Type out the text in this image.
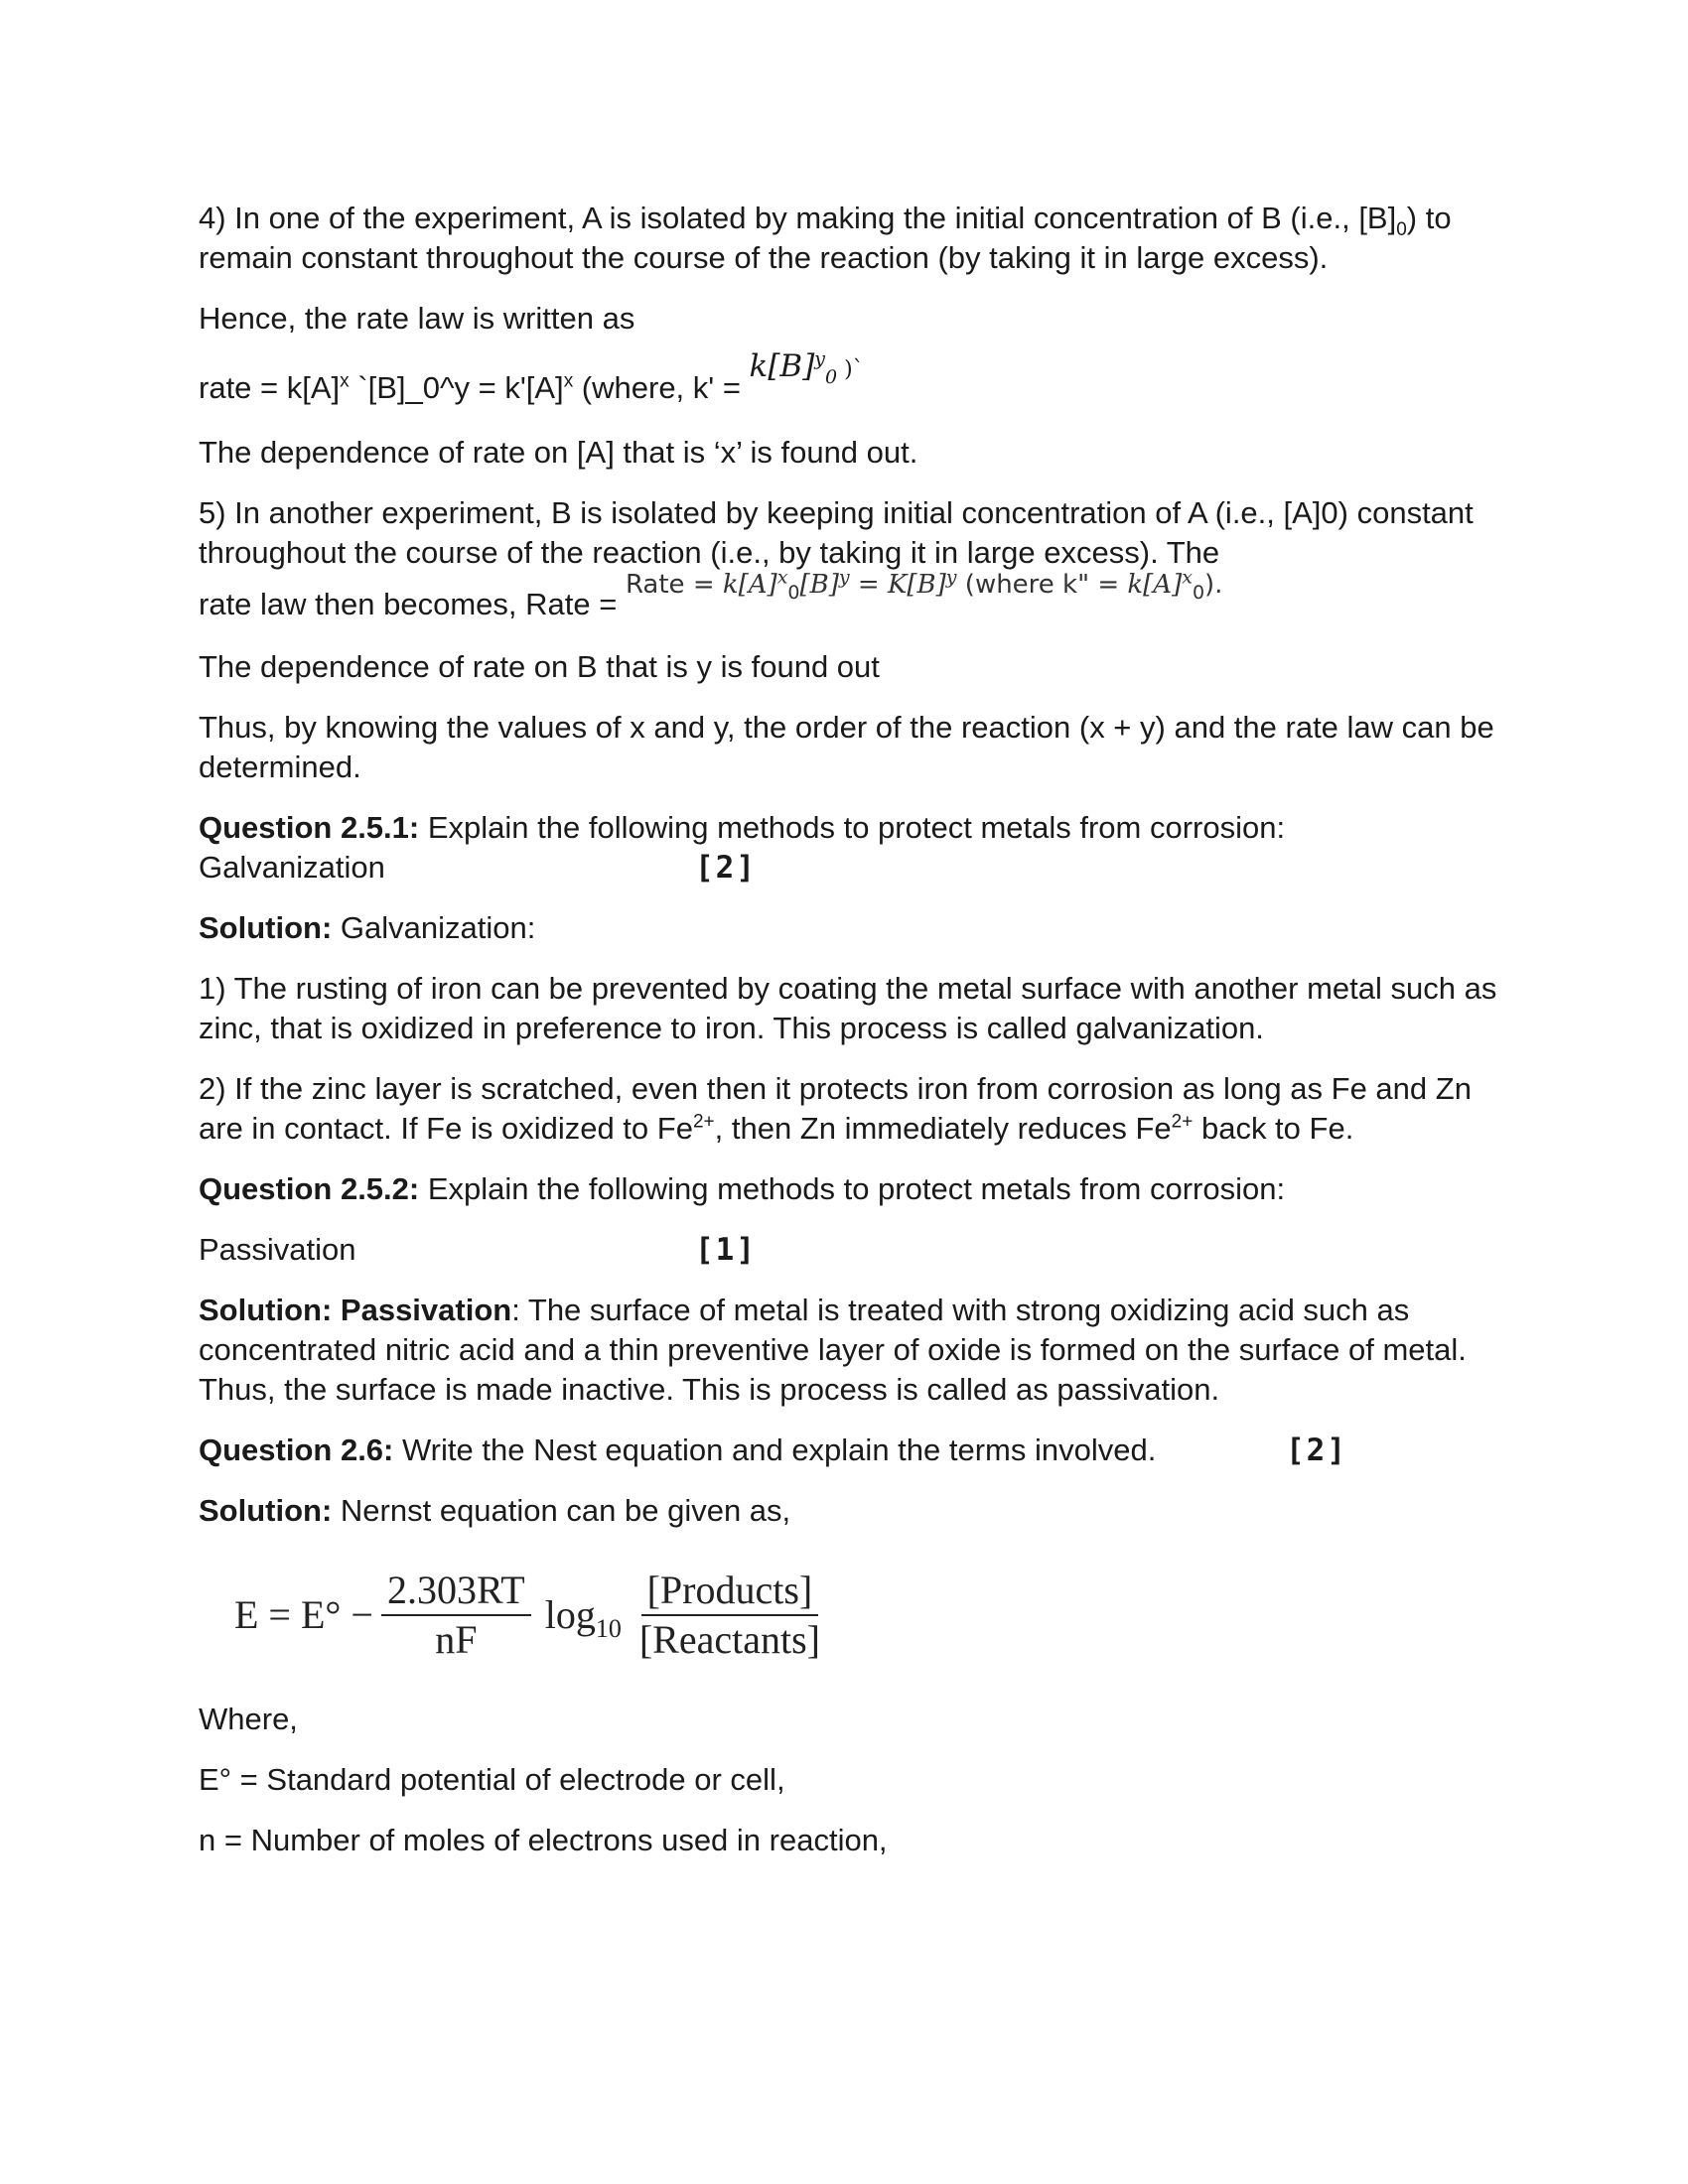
4) In one of the experiment, A is isolated by making the initial concentration of B (i.e., $[B]_0$) to remain constant throughout the course of the reaction (by taking it in large excess).

Hence, the rate law is written as

rate = $k[A]^x$ `[B]_0^y = $k'[A]^x$ (where, $k' = k[B]^y_0$ )`

The dependence of rate on [A] that is ‘x’ is found out.

5) In another experiment, B is isolated by keeping initial concentration of A (i.e., [A]0) constant throughout the course of the reaction (i.e., by taking it in large excess). The

rate law then becomes, Rate = Rate = $k[A]^x_0[B]^y = K[B]^y$ (where k" = $k[A]^x_0$).

The dependence of rate on B that is y is found out

Thus, by knowing the values of x and y, the order of the reaction (x + y) and the rate law can be determined.

Question 2.5.1: Explain the following methods to protect metals from corrosion:
Galvanization	[2]

Solution: Galvanization:

1) The rusting of iron can be prevented by coating the metal surface with another metal such as zinc, that is oxidized in preference to iron. This process is called galvanization.

2) If the zinc layer is scratched, even then it protects iron from corrosion as long as Fe and Zn are in contact. If Fe is oxidized to $Fe^{2+}$, then Zn immediately reduces $Fe^{2+}$ back to Fe.

Question 2.5.2: Explain the following methods to protect metals from corrosion:

Passivation	[1]

Solution: Passivation: The surface of metal is treated with strong oxidizing acid such as concentrated nitric acid and a thin preventive layer of oxide is formed on the surface of metal. Thus, the surface is made inactive. This is process is called as passivation.

Question 2.6: Write the Nest equation and explain the terms involved.	[2]

Solution: Nernst equation can be given as,

$E = E^\circ - \frac{2.303RT}{nF} \log_{10} \frac{\text{[Products]}}{\text{[Reactants]}}$

Where,

E° = Standard potential of electrode or cell,

n = Number of moles of electrons used in reaction,
